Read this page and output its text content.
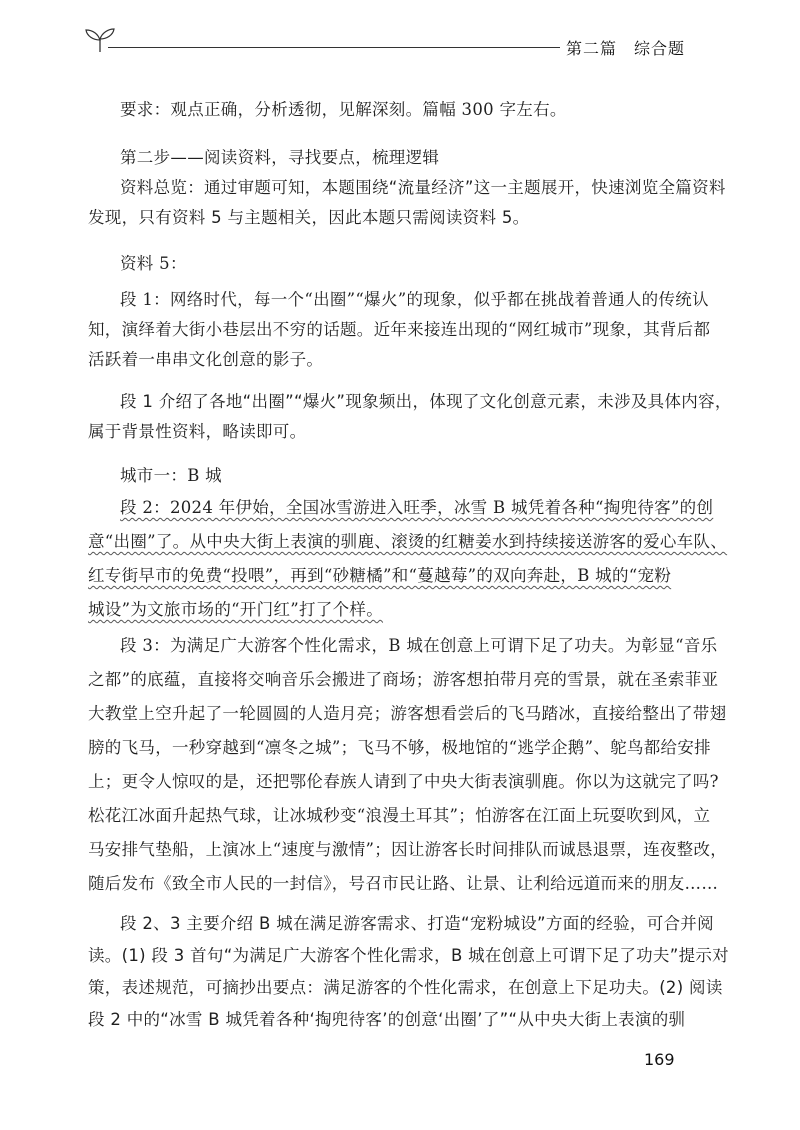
第二篇　综合题
要求：观点正确，分析透彻，见解深刻。篇幅 300 字左右。
第二步——阅读资料，寻找要点，梳理逻辑
资料总览：通过审题可知，本题围绕“流量经济”这一主题展开，快速浏览全篇资料
发现，只有资料 5 与主题相关，因此本题只需阅读资料 5。
资料 5：
段 1：网络时代，每一个“出圈”“爆火”的现象，似乎都在挑战着普通人的传统认
知，演绎着大街小巷层出不穷的话题。近年来接连出现的“网红城市”现象，其背后都
活跃着一串串文化创意的影子。
段 1 介绍了各地“出圈”“爆火”现象频出，体现了文化创意元素，未涉及具体内容，
属于背景性资料，略读即可。
城市一：B 城
段 2：2024 年伊始，全国冰雪游进入旺季，冰雪 B 城凭着各种“掏兜待客”的创
意“出圈”了。从中央大街上表演的驯鹿、滚烫的红糖姜水到持续接送游客的爱心车队、
红专街早市的免费“投喂”，再到“砂糖橘”和“蔓越莓”的双向奔赴，B 城的“宠粉
城设”为文旅市场的“开门红”打了个样。
段 3：为满足广大游客个性化需求，B 城在创意上可谓下足了功夫。为彰显“音乐
之都”的底蕴，直接将交响音乐会搬进了商场；游客想拍带月亮的雪景，就在圣索菲亚
大教堂上空升起了一轮圆圆的人造月亮；游客想看尝后的飞马踏冰，直接给整出了带翅
膀的飞马，一秒穿越到“凛冬之城”；飞马不够，极地馆的“逃学企鹅”、鸵鸟都给安排
上；更令人惊叹的是，还把鄂伦春族人请到了中央大街表演驯鹿。你以为这就完了吗?
松花江冰面升起热气球，让冰城秒变“浪漫土耳其”；怕游客在江面上玩耍吹到风，立
马安排气垫船，上演冰上“速度与激情”；因让游客长时间排队而诚恳退票，连夜整改，
随后发布《致全市人民的一封信》，号召市民让路、让景、让利给远道而来的朋友……
段 2、3 主要介绍 B 城在满足游客需求、打造“宠粉城设”方面的经验，可合并阅
读。(1) 段 3 首句“为满足广大游客个性化需求，B 城在创意上可谓下足了功夫”提示对
策，表述规范，可摘抄出要点：满足游客的个性化需求，在创意上下足功夫。(2) 阅读
段 2 中的“冰雪 B 城凭着各种‘掏兜待客’的创意‘出圈’了”“从中央大街上表演的驯
169
